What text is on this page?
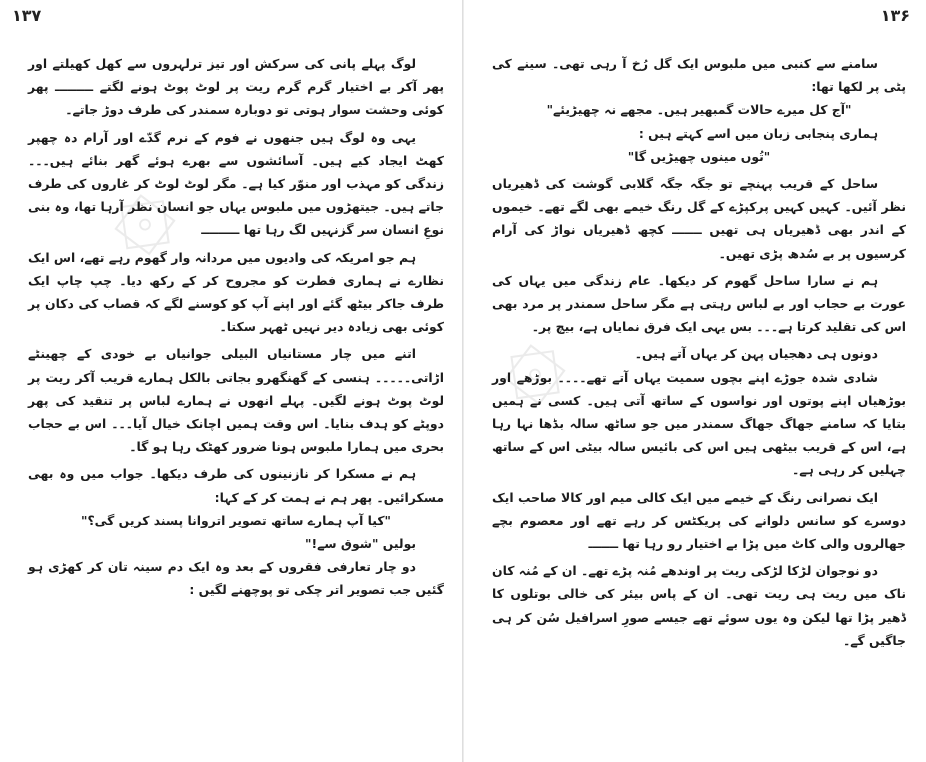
۞
۞
۱۳۷

لوگ پہلے پانی کی سرکش اور تیز ترلہروں سے کھل کھیلتے اور پھر آکر بے اختیار گرم گرم ریت پر لوٹ پوٹ ہونے لگتے ـــــــــ پھر کوئی وحشت سوار ہوتی تو دوبارہ سمندر کی طرف دوڑ جاتے۔

یہی وہ لوگ ہیں جنھوں نے فوم کے نرم گدّے اور آرام دہ چھپر کھٹ ایجاد کیے ہیں۔ آسائشوں سے بھرے ہوئے گھر بنائے ہیں۔۔۔ زندگی کو مہذب اور منوّر کیا ہے۔ مگر لوٹ لوٹ کر غاروں کی طرف جاتے ہیں۔ جیتھڑوں میں ملبوس یہاں جو انسان نظر آرہا تھا، وہ بنی نوعِ انسان سر گزنہیں لگ رہا تھا ـــــــــ

ہم جو امریکہ کی وادیوں میں مردانہ وار گھوم رہے تھے، اس ایک نظارے نے ہماری فطرت کو مجروح کر کے رکھ دیا۔ چپ چاپ ایک طرف جاکر بیٹھ گئے اور اپنے آپ کو کوسنے لگے کہ قصاب کی دکان پر کوئی بھی زیادہ دیر نہیں ٹھہر سکتا۔

اتنے میں چار مستانیاں البیلی جوانیاں بے خودی کے چھینٹے اڑاتی۔۔۔۔۔ ہنسی کے گھنگھرو بجاتی بالکل ہمارے قریب آکر ریت پر لوٹ پوٹ ہونے لگیں۔ پہلے انھوں نے ہمارے لباس پر تنقید کی پھر دوپٹے کو ہدف بنایا۔ اس وقت ہمیں اچانک خیال آیا۔۔۔ اس بے حجاب بحری میں ہمارا ملبوس ہونا ضرور کھٹک رہا ہو گا۔

ہم نے مسکرا کر نازنینوں کی طرف دیکھا۔ جواب میں وہ بھی مسکرائیں۔ پھر ہم نے ہمت کر کے کہا:

"کیا آپ ہمارے ساتھ تصویر اتروانا پسند کریں گی؟"

بولیں "شوق سے!"

دو چار تعارفی فقروں کے بعد وہ ایک دم سینہ تان کر کھڑی ہو گئیں جب تصویر اتر چکی تو پوچھنے لگیں :

۱۳۶

سامنے سے کنبی میں ملبوس ایک گل رُخ آ رہی تھی۔ سینے کی پٹی پر لکھا تھا:

"آج کل میرے حالات گمبھیر ہیں۔ مجھے نہ چھیڑیئے"

ہماری پنجابی زبان میں اسے کہتے ہیں :

"تُوں مینوں چھیڑیں گا"

ساحل کے قریب پہنچے تو جگہ جگہ گلابی گوشت کی ڈھیریاں نظر آئیں۔ کہیں کہیں پرکپڑے کے گل رنگ خیمے بھی لگے تھے۔ خیموں کے اندر بھی ڈھیریاں ہی تھیں ـــــــ کچھ ڈھیریاں نواڑ کی آرام کرسیوں پر بے سُدھ پڑی تھیں۔

ہم نے سارا ساحل گھوم کر دیکھا۔ عام زندگی میں یہاں کی عورت بے حجاب اور بے لباس رہتی ہے مگر ساحل سمندر پر مرد بھی اس کی تقلید کرتا ہے۔۔۔ بس یہی ایک فرق نمایاں ہے، بیچ پر۔

دونوں ہی دھجیاں پہن کر یہاں آتے ہیں۔

شادی شدہ جوڑے اپنے بچوں سمیت یہاں آتے تھے۔۔۔۔ بوڑھے اور بوڑھیاں اپنے پوتوں اور نواسوں کے ساتھ آتی ہیں۔ کسی نے ہمیں بتایا کہ سامنے جھاگ جھاگ سمندر میں جو ساٹھ سالہ بڈھا نہا رہا ہے، اس کے قریب بیٹھی ہیں اس کی بائیس سالہ بیٹی اس کے ساتھ چہلیں کر رہی ہے۔

ایک نصرانی رنگ کے خیمے میں ایک کالی میم اور کالا صاحب ایک دوسرے کو سانس دلوانے کی پریکٹس کر رہے تھے اور معصوم بچے جھالروں والی کاٹ میں پڑا بے اختیار رو رہا تھا ـــــــ

دو نوجوان لڑکا لڑکی ریت پر اوندھے مُنہ پڑے تھے۔ ان کے مُنہ کان ناک میں ریت ہی ریت تھی۔ ان کے پاس بیئر کی خالی بوتلوں کا ڈھیر پڑا تھا لیکن وہ یوں سوئے تھے جیسے صورِ اسرافیل سُن کر ہی جاگیں گے۔
